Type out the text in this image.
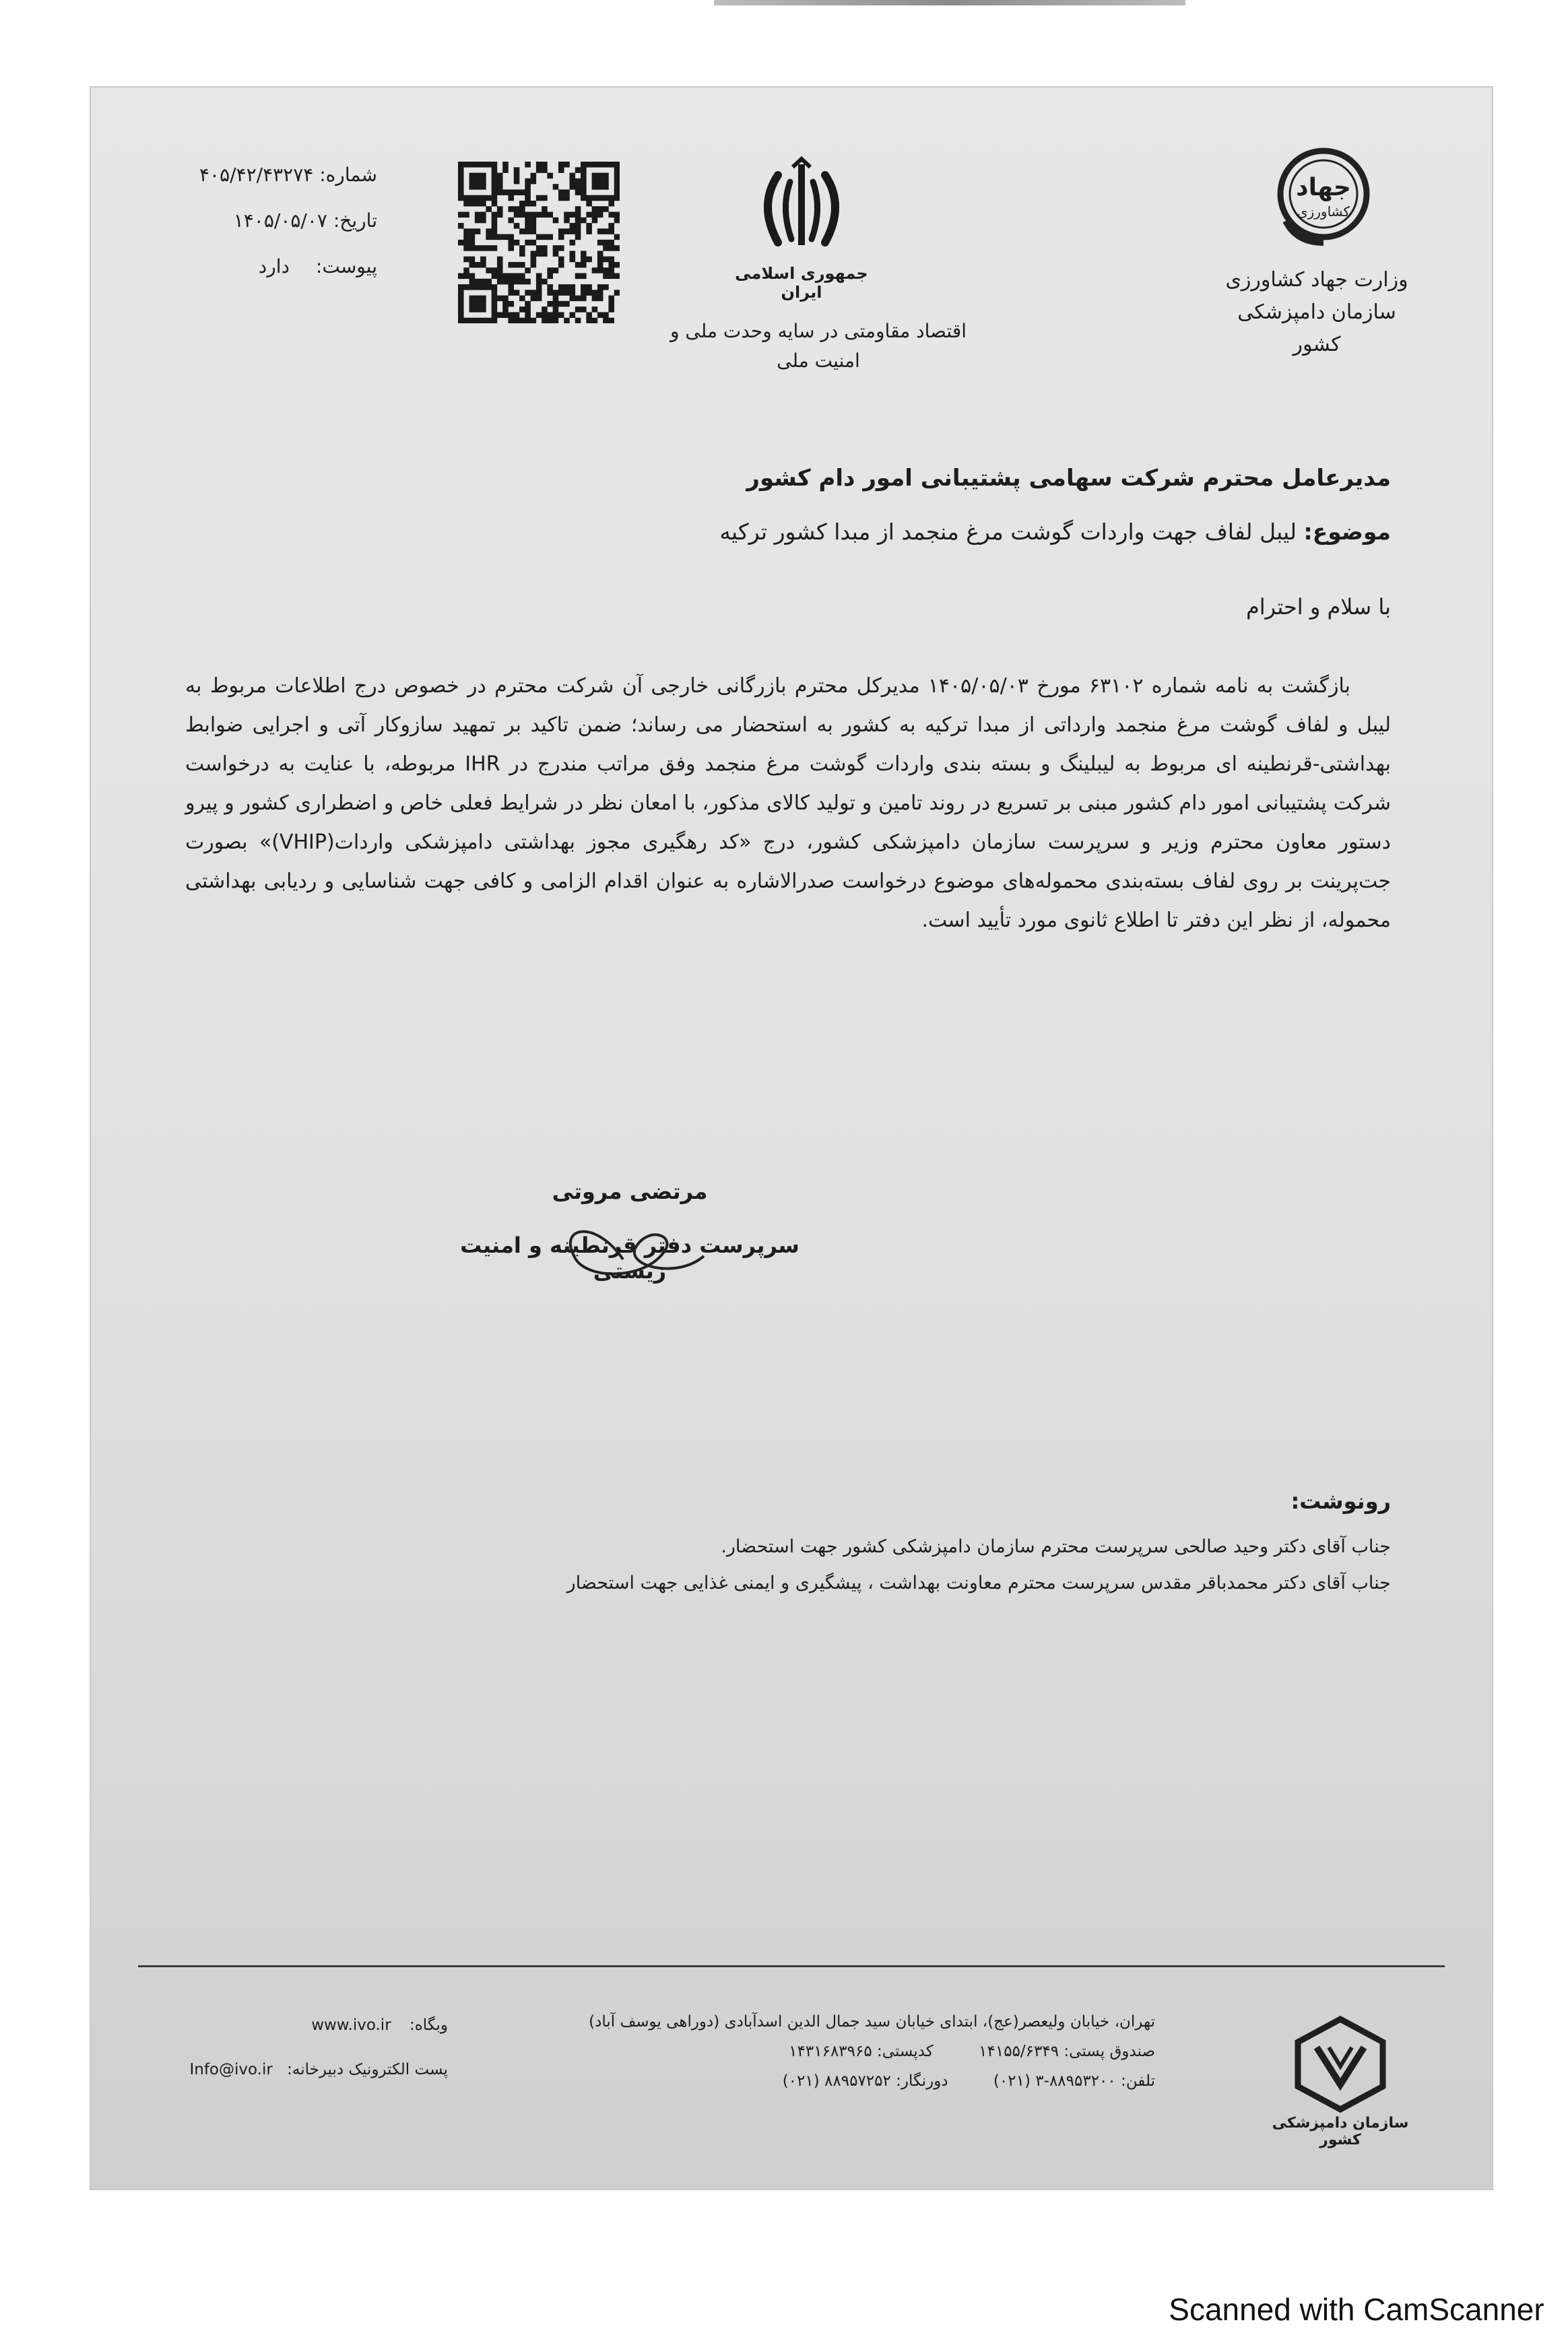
جهاد
کشاورزی
وزارت جهاد کشاورزی
سازمان دامپزشکی کشور
جمهوری اسلامی ایران
اقتصاد مقاومتی در سایه وحدت ملی و
امنیت ملی
شماره: ۴۰۵/۴۲/۴۳۲۷۴
تاریخ: ۱۴۰۵/۰۵/۰۷
پیوست: دارد
مدیرعامل محترم شرکت سهامی پشتیبانی امور دام کشور
موضوع: لیبل لفاف جهت واردات گوشت مرغ منجمد از مبدا کشور ترکیه
با سلام و احترام
بازگشت به نامه شماره ۶۳۱۰۲ مورخ ۱۴۰۵/۰۵/۰۳ مدیرکل محترم بازرگانی خارجی آن شرکت محترم در خصوص درج اطلاعات مربوط به لیبل و لفاف گوشت مرغ منجمد وارداتی از مبدا ترکیه به کشور به استحضار می رساند؛ ضمن تاکید بر تمهید سازوکار آتی و اجرایی ضوابط بهداشتی-قرنطینه ای مربوط به لیبلینگ و بسته بندی واردات گوشت مرغ منجمد وفق مراتب مندرج در IHR مربوطه، با عنایت به درخواست شرکت پشتیبانی امور دام کشور مبنی بر تسریع در روند تامین و تولید کالای مذکور، با امعان نظر در شرایط فعلی خاص و اضطراری کشور و پیرو دستور معاون محترم وزیر و سرپرست سازمان دامپزشکی کشور، درج «کد رهگیری مجوز بهداشتی دامپزشکی واردات(VHIP)» بصورت جت‌پرینت بر روی لفاف بسته‌بندی محموله‌های موضوع درخواست صدرالاشاره به عنوان اقدام الزامی و کافی جهت شناسایی و ردیابی بهداشتی محموله، از نظر این دفتر تا اطلاع ثانوی مورد تأیید است.
مرتضی مروتی
سرپرست دفتر قرنطینه و امنیت زیستی
رونوشت:
جناب آقای دکتر وحید صالحی سرپرست محترم سازمان دامپزشکی کشور جهت استحضار.
جناب آقای دکتر محمدباقر مقدس سرپرست محترم معاونت بهداشت ، پیشگیری و ایمنی غذایی جهت استحضار
سازمان دامپزشکی کشور
تهران، خیابان ولیعصر(عج)، ابتدای خیابان سید جمال الدین اسدآبادی (دوراهی یوسف آباد)
صندوق پستی: ۱۴۱۵۵/۶۳۴۹ کدپستی: ۱۴۳۱۶۸۳۹۶۵
تلفن: ۸۸۹۵۳۲۰۰-۳ (۰۲۱) دورنگار: ۸۸۹۵۷۲۵۲ (۰۲۱)
وبگاه: www.ivo.ir
پست الکترونیک دبیرخانه: Info@ivo.ir
Scanned with CamScanner
